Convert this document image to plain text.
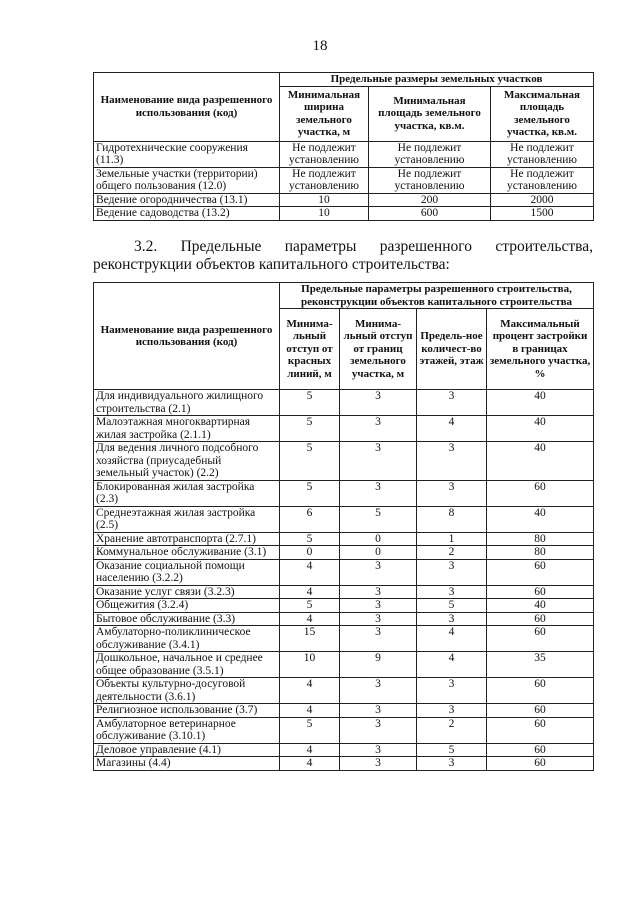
18
Наименование вида разрешенного использования (код)	Предельные размеры земельных участков		
	Минимальная ширина земельного участка, м	Минимальная площадь земельного участка, кв.м.	Максимальная площадь земельного участка, кв.м.
Гидротехнические сооружения (11.3)	Не подлежит установлению	Не подлежит установлению	Не подлежит установлению
Земельные участки (территории) общего пользования (12.0)	Не подлежит установлению	Не подлежит установлению	Не подлежит установлению
Ведение огородничества (13.1)	10	200	2000
Ведение садоводства (13.2)	10	600	1500
3.2. Предельные параметры разрешенного строительства,
реконструкции объектов капитального строительства:
Наименование вида разрешенного использования (код)	Предельные параметры разрешенного строительства, реконструкции объектов капитального строительства			
	Минима-льный отступ от красных линий, м	Минима-льный отступ от границ земельного участка, м	Предель-ное количест-во этажей, этаж	Максимальный процент застройки в границах земельного участка, %
Для индивидуального жилищного строительства (2.1)	5	3	3	40
Малоэтажная многоквартирная жилая застройка (2.1.1)	5	3	4	40
Для ведения личного подсобного хозяйства (приусадебный земельный участок) (2.2)	5	3	3	40
Блокированная жилая застройка (2.3)	5	3	3	60
Среднеэтажная жилая застройка (2.5)	6	5	8	40
Хранение автотранспорта (2.7.1)	5	0	1	80
Коммунальное обслуживание (3.1)	0	0	2	80
Оказание социальной помощи населению (3.2.2)	4	3	3	60
Оказание услуг связи (3.2.3)	4	3	3	60
Общежития (3.2.4)	5	3	5	40
Бытовое обслуживание (3.3)	4	3	3	60
Амбулаторно-поликлиническое обслуживание (3.4.1)	15	3	4	60
Дошкольное, начальное и среднее общее образование (3.5.1)	10	9	4	35
Объекты культурно-досуговой деятельности (3.6.1)	4	3	3	60
Религиозное использование (3.7)	4	3	3	60
Амбулаторное ветеринарное обслуживание (3.10.1)	5	3	2	60
Деловое управление (4.1)	4	3	5	60
Магазины (4.4)	4	3	3	60
